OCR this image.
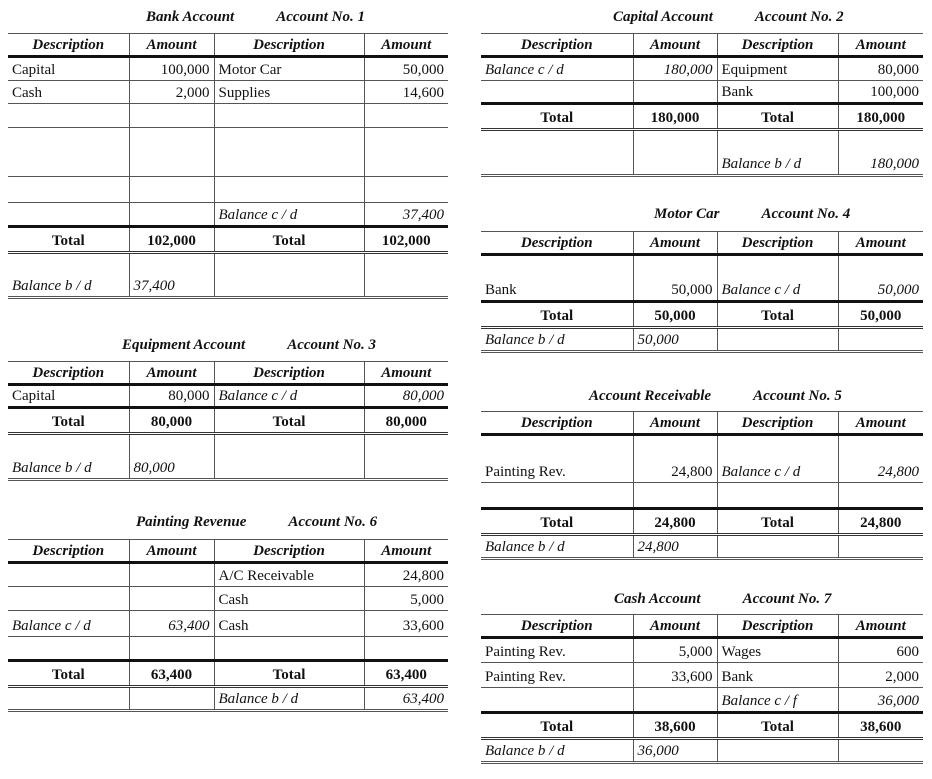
Bank Account	Account No. 1
Description	Amount	Description	Amount
Capital	100,000	Motor Car	50,000
Cash	2,000	Supplies	14,600

		Balance c / d	37,400
Total	102,000	Total	102,000
Balance b / d	37,400		
Equipment Account	Account No. 3
Description	Amount	Description	Amount
Capital	80,000	Balance c / d	80,000
Total	80,000	Total	80,000
Balance b / d	80,000		
Painting Revenue	Account No. 6
Description	Amount	Description	Amount
		A/C Receivable	24,800
		Cash	5,000
Balance c / d	63,400	Cash	33,600

Total	63,400	Total	63,400
		Balance b / d	63,400
Capital Account	Account No. 2
Description	Amount	Description	Amount
Balance c / d	180,000	Equipment	80,000
		Bank	100,000
Total	180,000	Total	180,000
		Balance b / d	180,000
Motor Car	Account No. 4
Description	Amount	Description	Amount
Bank	50,000	Balance c / d	50,000
Total	50,000	Total	50,000
Balance b / d	50,000		
Account Receivable	Account No. 5
Description	Amount	Description	Amount
Painting Rev.	24,800	Balance c / d	24,800

Total	24,800	Total	24,800
Balance b / d	24,800		
Cash Account	Account No. 7
Description	Amount	Description	Amount
Painting Rev.	5,000	Wages	600
Painting Rev.	33,600	Bank	2,000
		Balance c / f	36,000
Total	38,600	Total	38,600
Balance b / d	36,000		
